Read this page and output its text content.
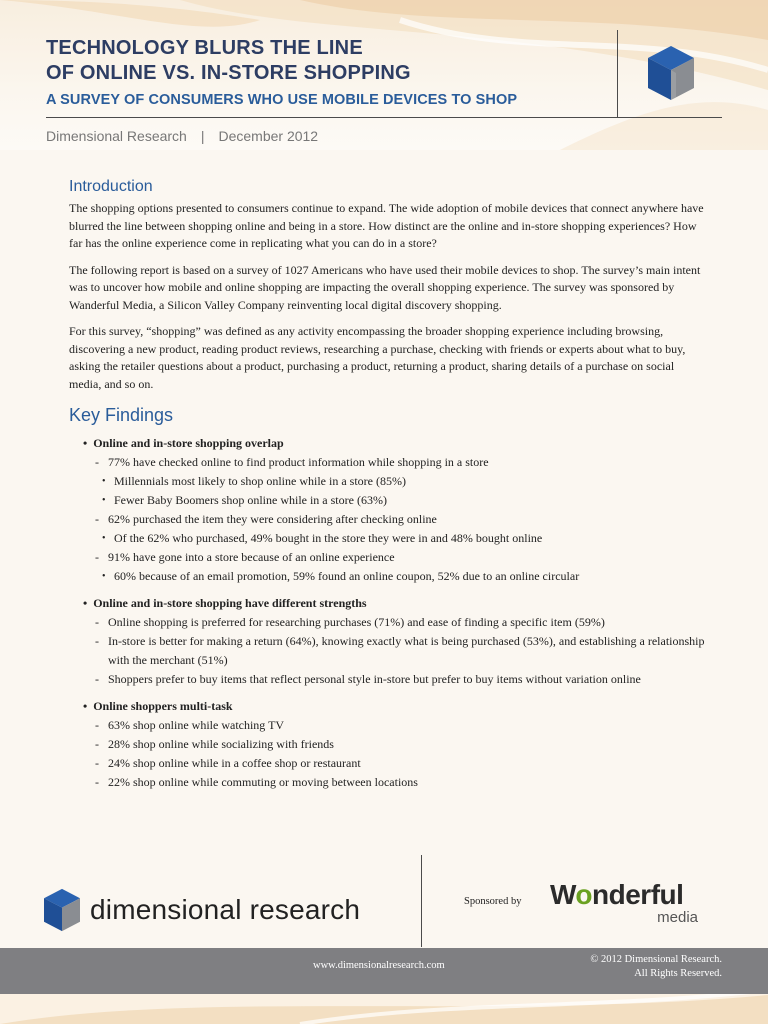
TECHNOLOGY BLURS THE LINE
OF ONLINE VS. IN-STORE SHOPPING
A SURVEY OF CONSUMERS WHO USE MOBILE DEVICES TO SHOP
Dimensional Research | December 2012
Introduction

The shopping options presented to consumers continue to expand. The wide adoption of mobile devices that connect anywhere have blurred the line between shopping online and being in a store. How distinct are the online and in-store shopping experiences? How far has the online experience come in replicating what you can do in a store?

The following report is based on a survey of 1027 Americans who have used their mobile devices to shop. The survey’s main intent was to uncover how mobile and online shopping are impacting the overall shopping experience. The survey was sponsored by Wanderful Media, a Silicon Valley Company reinventing local digital discovery shopping.

For this survey, “shopping” was defined as any activity encompassing the broader shopping experience including browsing, discovering a new product, reading product reviews, researching a purchase, checking with friends or experts about what to buy, asking the retailer questions about a product, purchasing a product, returning a product, sharing details of a purchase on social media, and so on.

Key Findings
• Online and in-store shopping overlap
- 77% have checked online to find product information while shopping in a store
• Millennials most likely to shop online while in a store (85%)
• Fewer Baby Boomers shop online while in a store (63%)
- 62% purchased the item they were considering after checking online
• Of the 62% who purchased, 49% bought in the store they were in and 48% bought online
- 91% have gone into a store because of an online experience
• 60% because of an email promotion, 59% found an online coupon, 52% due to an online circular
• Online and in-store shopping have different strengths
- Online shopping is preferred for researching purchases (71%) and ease of finding a specific item (59%)
- In-store is better for making a return (64%), knowing exactly what is being purchased (53%), and establishing a relationship with the merchant (51%)
- Shoppers prefer to buy items that reflect personal style in-store but prefer to buy items without variation online
• Online shoppers multi-task
- 63% shop online while watching TV
- 28% shop online while socializing with friends
- 24% shop online while in a coffee shop or restaurant
- 22% shop online while commuting or moving between locations
dimensional research	Sponsored by Wonderful
media
www.dimensionalresearch.com
© 2012 Dimensional Research.
All Rights Reserved.
